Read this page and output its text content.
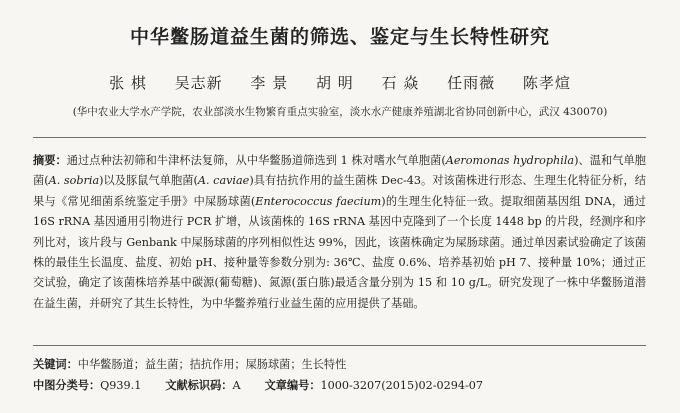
中华鳖肠道益生菌的筛选、鉴定与生长特性研究
张 棋 吴志新 李 景 胡 明 石 焱 任雨薇 陈孝煊
(华中农业大学水产学院，农业部淡水生物繁育重点实验室，淡水水产健康养殖湖北省协同创新中心，武汉 430070)
摘要：通过点种法初筛和牛津杯法复筛，从中华鳖肠道筛选到 1 株对嗜水气单胞菌(Aeromonas hydrophila)、温和气单胞菌(A. sobria)以及豚鼠气单胞菌(A. caviae)具有拮抗作用的益生菌株 Dec-43。对该菌株进行形态、生理生化特征分析，结果与《常见细菌系统鉴定手册》中屎肠球菌(Enterococcus faecium)的生理生化特征一致。提取细菌基因组 DNA，通过 16S rRNA 基因通用引物进行 PCR 扩增，从该菌株的 16S rRNA 基因中克隆到了一个长度 1448 bp 的片段，经测序和序列比对，该片段与 Genbank 中屎肠球菌的序列相似性达 99%，因此，该菌株确定为屎肠球菌。通过单因素试验确定了该菌株的最佳生长温度、盐度、初始 pH、接种量等参数分别为: 36℃、盐度 0.6%、培养基初始 pH 7、接种量 10%；通过正交试验，确定了该菌株培养基中碳源(葡萄糖)、氮源(蛋白胨)最适含量分别为 15 和 10 g/L。研究发现了一株中华鳖肠道潜在益生菌，并研究了其生长特性，为中华鳖养殖行业益生菌的应用提供了基础。
关键词：中华鳖肠道；益生菌；拮抗作用；屎肠球菌；生长特性
中图分类号：Q939.1 文献标识码：A 文章编号：1000-3207(2015)02-0294-07
